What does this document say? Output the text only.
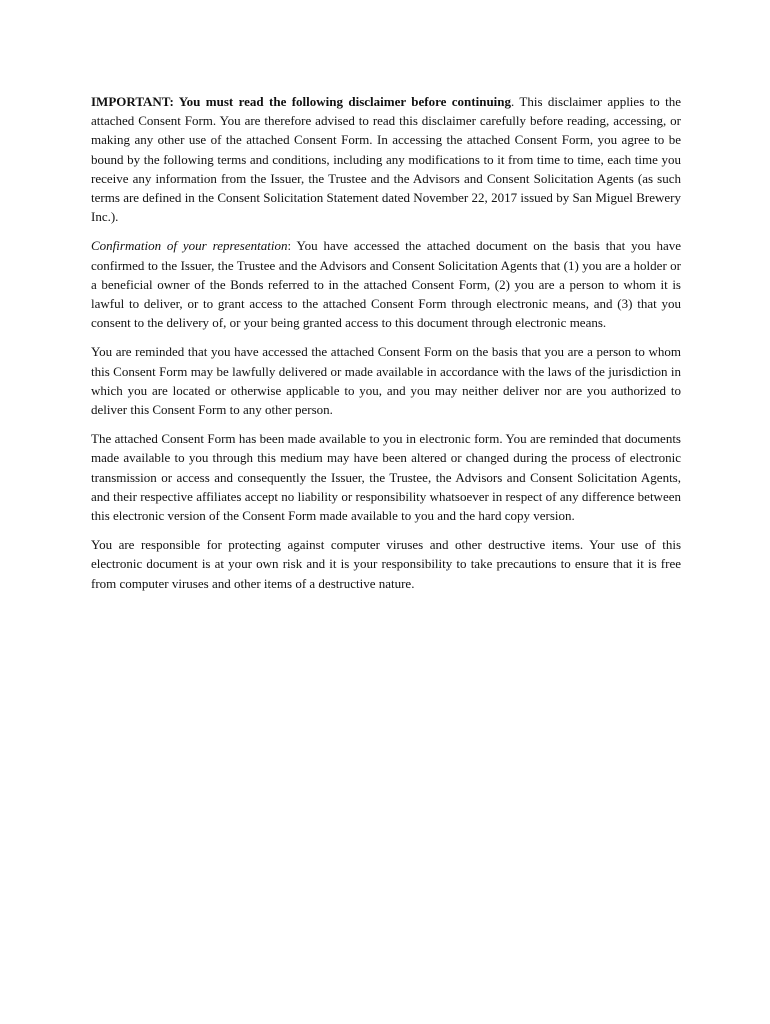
IMPORTANT: You must read the following disclaimer before continuing. This disclaimer applies to the attached Consent Form. You are therefore advised to read this disclaimer carefully before reading, accessing, or making any other use of the attached Consent Form. In accessing the attached Consent Form, you agree to be bound by the following terms and conditions, including any modifications to it from time to time, each time you receive any information from the Issuer, the Trustee and the Advisors and Consent Solicitation Agents (as such terms are defined in the Consent Solicitation Statement dated November 22, 2017 issued by San Miguel Brewery Inc.).

Confirmation of your representation: You have accessed the attached document on the basis that you have confirmed to the Issuer, the Trustee and the Advisors and Consent Solicitation Agents that (1) you are a holder or a beneficial owner of the Bonds referred to in the attached Consent Form, (2) you are a person to whom it is lawful to deliver, or to grant access to the attached Consent Form through electronic means, and (3) that you consent to the delivery of, or your being granted access to this document through electronic means.

You are reminded that you have accessed the attached Consent Form on the basis that you are a person to whom this Consent Form may be lawfully delivered or made available in accordance with the laws of the jurisdiction in which you are located or otherwise applicable to you, and you may neither deliver nor are you authorized to deliver this Consent Form to any other person.

The attached Consent Form has been made available to you in electronic form. You are reminded that documents made available to you through this medium may have been altered or changed during the process of electronic transmission or access and consequently the Issuer, the Trustee, the Advisors and Consent Solicitation Agents, and their respective affiliates accept no liability or responsibility whatsoever in respect of any difference between this electronic version of the Consent Form made available to you and the hard copy version.

You are responsible for protecting against computer viruses and other destructive items. Your use of this electronic document is at your own risk and it is your responsibility to take precautions to ensure that it is free from computer viruses and other items of a destructive nature.
